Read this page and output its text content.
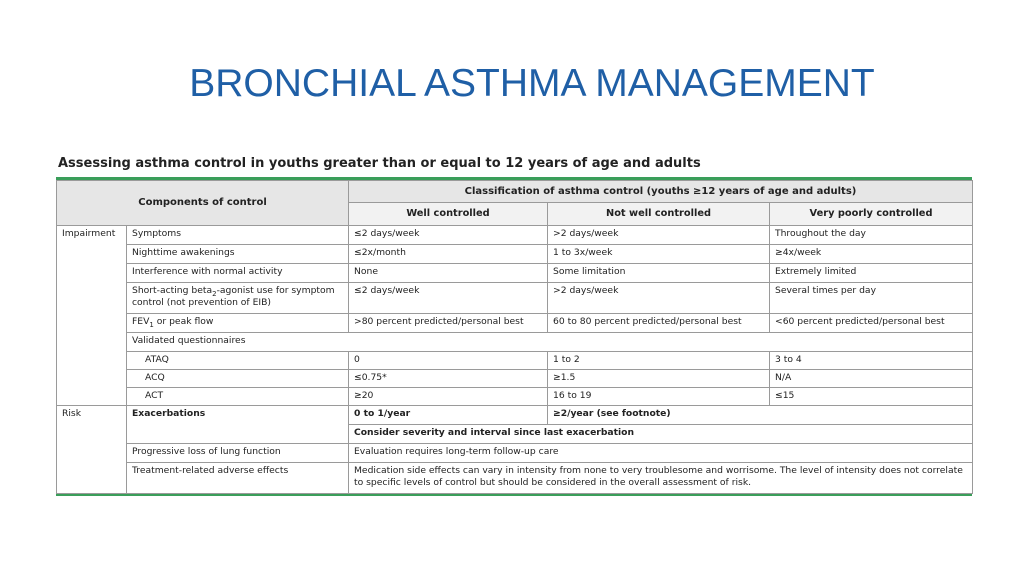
BRONCHIAL ASTHMA MANAGEMENT
Assessing asthma control in youths greater than or equal to 12 years of age and adults
Components of control		Classification of asthma control (youths ≥12 years of age and adults)		
		Well controlled	Not well controlled	Very poorly controlled
Impairment	Symptoms	≤2 days/week	>2 days/week	Throughout the day
	Nighttime awakenings	≤2x/month	1 to 3x/week	≥4x/week
	Interference with normal activity	None	Some limitation	Extremely limited
	Short-acting beta$_2$-agonist use for symptom control (not prevention of EIB)	≤2 days/week	>2 days/week	Several times per day
	$FEV_1$ or peak flow	>80 percent predicted/personal best	60 to 80 percent predicted/personal best	<60 percent predicted/personal best
	Validated questionnaires			
	ATAQ	0	1 to 2	3 to 4
	ACQ	≤0.75*	≥1.5	N/A
	ACT	≥20	16 to 19	≤15
Risk	Exacerbations	0 to 1/year	≥2/year (see footnote)	
		Consider severity and interval since last exacerbation		
	Progressive loss of lung function	Evaluation requires long-term follow-up care		
	Treatment-related adverse effects	Medication side effects can vary in intensity from none to very troublesome and worrisome. The level of intensity does not correlate to specific levels of control but should be considered in the overall assessment of risk.		
